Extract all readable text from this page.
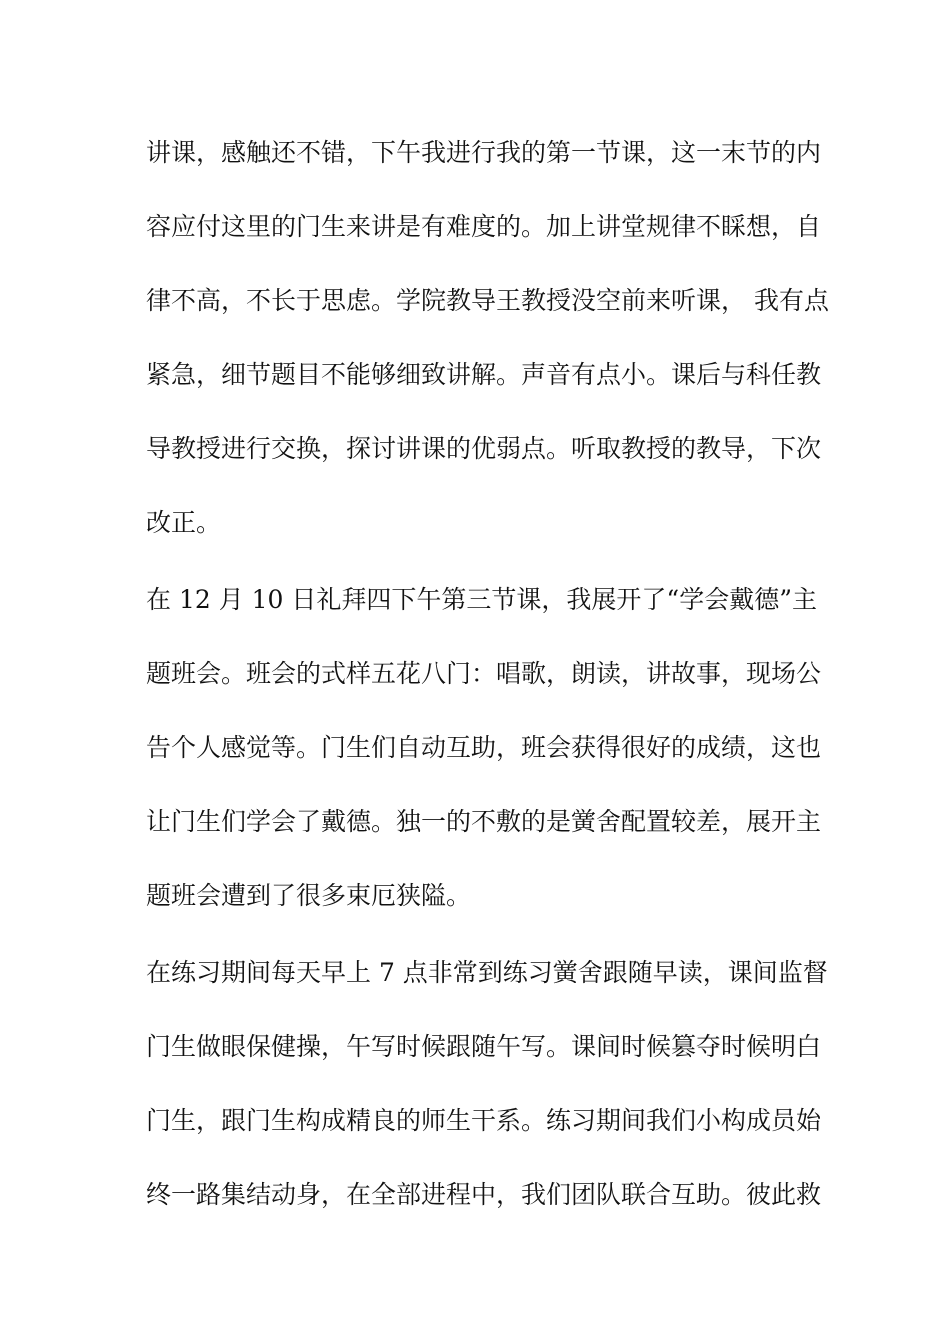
讲课，感触还不错，下午我进行我的第一节课，这一末节的内
容应付这里的门生来讲是有难度的。加上讲堂规律不睬想，自
律不高，不长于思虑。学院教导王教授没空前来听课， 我有点
紧急，细节题目不能够细致讲解。声音有点小。课后与科任教
导教授进行交换，探讨讲课的优弱点。听取教授的教导，下次
改正。
在 12 月 10 日礼拜四下午第三节课，我展开了“学会戴德”主
题班会。班会的式样五花八门：唱歌，朗读，讲故事，现场公
告个人感觉等。门生们自动互助，班会获得很好的成绩，这也
让门生们学会了戴德。独一的不敷的是黉舍配置较差，展开主
题班会遭到了很多束厄狭隘。
在练习期间每天早上 7 点非常到练习黉舍跟随早读，课间监督
门生做眼保健操，午写时候跟随午写。课间时候篡夺时候明白
门生，跟门生构成精良的师生干系。练习期间我们小构成员始
终一路集结动身，在全部进程中，我们团队联合互助。彼此救
